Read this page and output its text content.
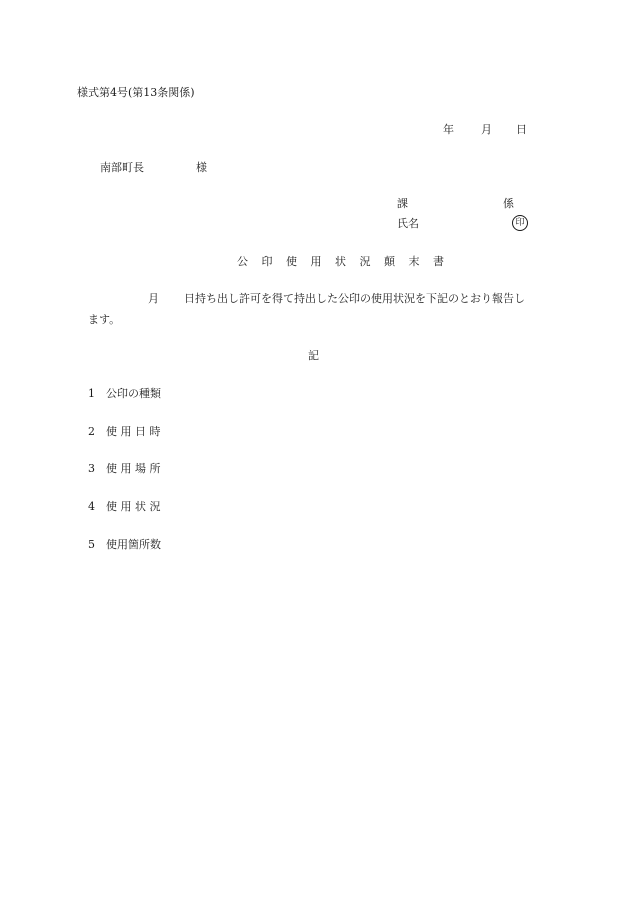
様式第4号(第13条関係)
年 月 日
南部町長	様
課	係
氏名	印
公 印 使 用 状 況 顛 末 書
月 日持ち出し許可を得て持出した公印の使用状況を下記のとおり報告し
ます。
記
1 公印の種類
2 使 用 日 時
3 使 用 場 所
4 使 用 状 況
5 使用箇所数
